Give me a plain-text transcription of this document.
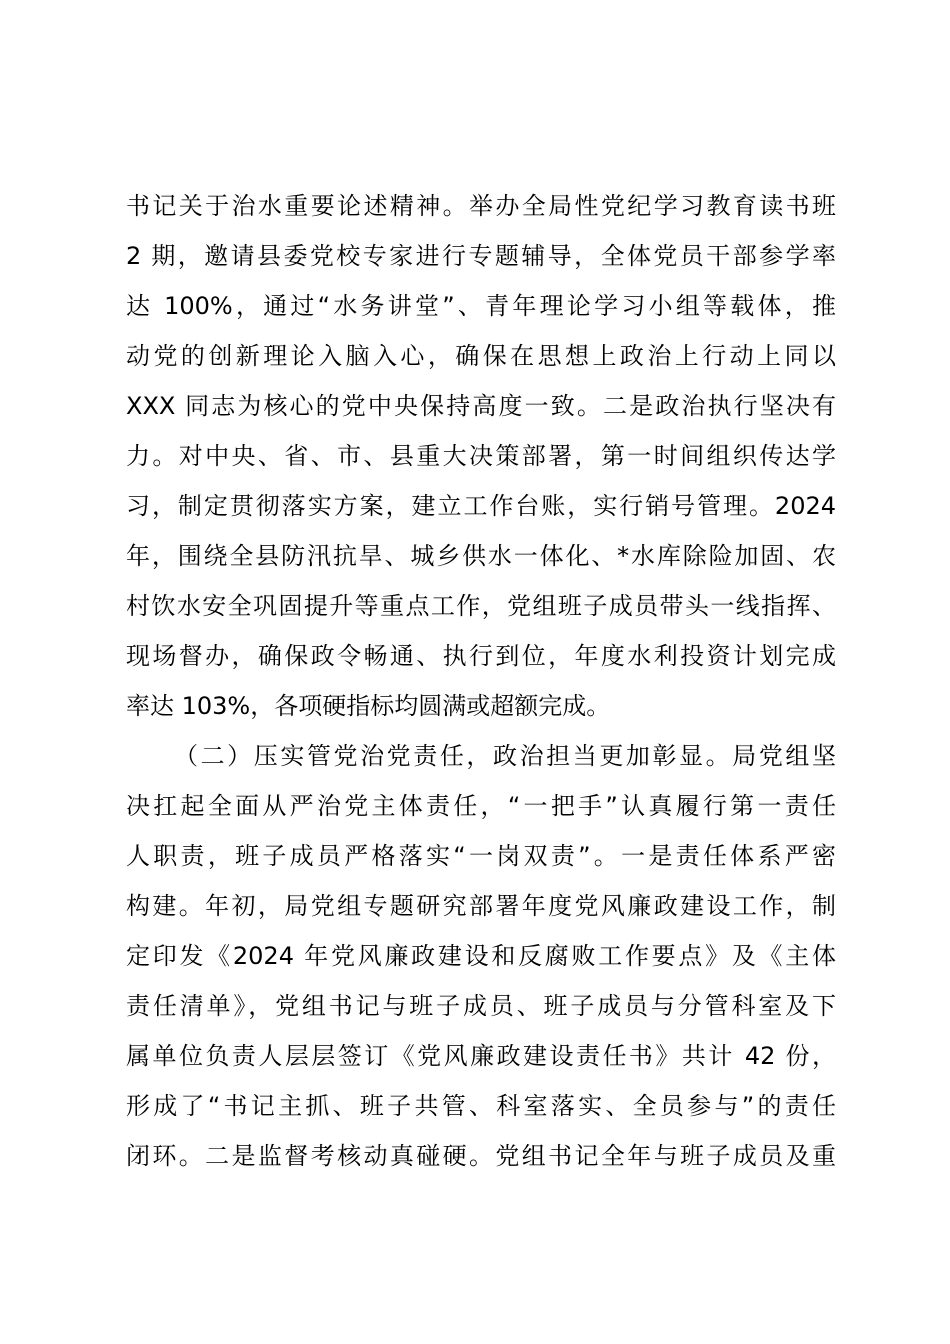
书记关于治水重要论述精神。举办全局性党纪学习教育读书班
2 期，邀请县委党校专家进行专题辅导，全体党员干部参学率
达 100%，通过“水务讲堂”、青年理论学习小组等载体，推
动党的创新理论入脑入心，确保在思想上政治上行动上同以
XXX 同志为核心的党中央保持高度一致。二是政治执行坚决有
力。对中央、省、市、县重大决策部署，第一时间组织传达学
习，制定贯彻落实方案，建立工作台账，实行销号管理。2024
年，围绕全县防汛抗旱、城乡供水一体化、*水库除险加固、农
村饮水安全巩固提升等重点工作，党组班子成员带头一线指挥、
现场督办，确保政令畅通、执行到位，年度水利投资计划完成
率达 103%，各项硬指标均圆满或超额完成。
（二）压实管党治党责任，政治担当更加彰显。局党组坚
决扛起全面从严治党主体责任，“一把手”认真履行第一责任
人职责，班子成员严格落实“一岗双责”。一是责任体系严密
构建。年初，局党组专题研究部署年度党风廉政建设工作，制
定印发《2024 年党风廉政建设和反腐败工作要点》及《主体
责任清单》，党组书记与班子成员、班子成员与分管科室及下
属单位负责人层层签订《党风廉政建设责任书》共计 42 份，
形成了“书记主抓、班子共管、科室落实、全员参与”的责任
闭环。二是监督考核动真碰硬。党组书记全年与班子成员及重
